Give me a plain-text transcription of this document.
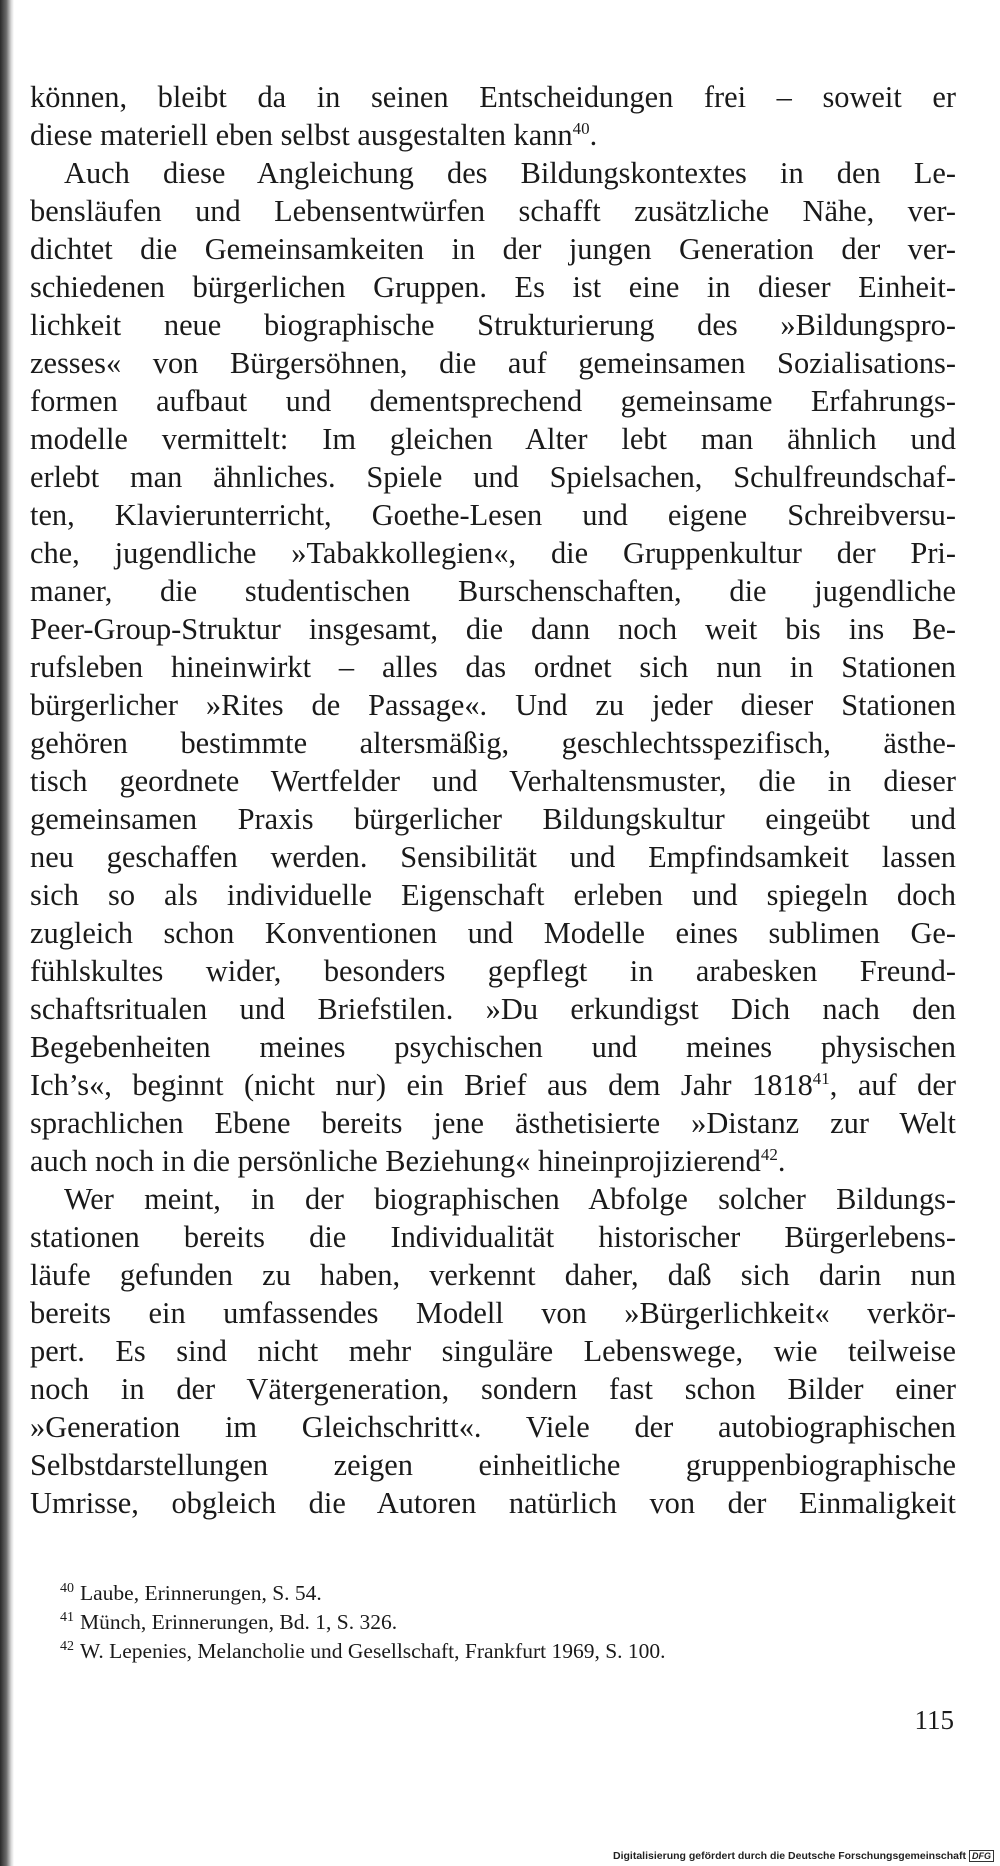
können, bleibt da in seinen Entscheidungen frei – soweit er
diese materiell eben selbst ausgestalten kann$^{40}$.

Auch diese Angleichung des Bildungskontextes in den Le-
bensläufen und Lebensentwürfen schafft zusätzliche Nähe, ver-
dichtet die Gemeinsamkeiten in der jungen Generation der ver-
schiedenen bürgerlichen Gruppen. Es ist eine in dieser Einheit-
lichkeit neue biographische Strukturierung des »Bildungspro-
zesses« von Bürgersöhnen, die auf gemeinsamen Sozialisations-
formen aufbaut und dementsprechend gemeinsame Erfahrungs-
modelle vermittelt: Im gleichen Alter lebt man ähnlich und
erlebt man ähnliches. Spiele und Spielsachen, Schulfreundschaf-
ten, Klavierunterricht, Goethe-Lesen und eigene Schreibversu-
che, jugendliche »Tabakkollegien«, die Gruppenkultur der Pri-
maner, die studentischen Burschenschaften, die jugendliche
Peer-Group-Struktur insgesamt, die dann noch weit bis ins Be-
rufsleben hineinwirkt – alles das ordnet sich nun in Stationen
bürgerlicher »Rites de Passage«. Und zu jeder dieser Stationen
gehören bestimmte altersmäßig, geschlechtsspezifisch, ästhe-
tisch geordnete Wertfelder und Verhaltensmuster, die in dieser
gemeinsamen Praxis bürgerlicher Bildungskultur eingeübt und
neu geschaffen werden. Sensibilität und Empfindsamkeit lassen
sich so als individuelle Eigenschaft erleben und spiegeln doch
zugleich schon Konventionen und Modelle eines sublimen Ge-
fühlskultes wider, besonders gepflegt in arabesken Freund-
schaftsritualen und Briefstilen. »Du erkundigst Dich nach den
Begebenheiten meines psychischen und meines physischen
Ich’s«, beginnt (nicht nur) ein Brief aus dem Jahr 1818$^{41}$, auf der
sprachlichen Ebene bereits jene ästhetisierte »Distanz zur Welt
auch noch in die persönliche Beziehung« hineinprojizierend$^{42}$.

Wer meint, in der biographischen Abfolge solcher Bildungs-
stationen bereits die Individualität historischer Bürgerlebens-
läufe gefunden zu haben, verkennt daher, daß sich darin nun
bereits ein umfassendes Modell von »Bürgerlichkeit« verkör-
pert. Es sind nicht mehr singuläre Lebenswege, wie teilweise
noch in der Vätergeneration, sondern fast schon Bilder einer
»Generation im Gleichschritt«. Viele der autobiographischen
Selbstdarstellungen zeigen einheitliche gruppenbiographische
Umrisse, obgleich die Autoren natürlich von der Einmaligkeit

$^{40}$ Laube, Erinnerungen, S. 54.
$^{41}$ Münch, Erinnerungen, Bd. 1, S. 326.
$^{42}$ W. Lepenies, Melancholie und Gesellschaft, Frankfurt 1969, S. 100.
115
Digitalisierung gefördert durch die Deutsche Forschungsgemeinschaft DFG
